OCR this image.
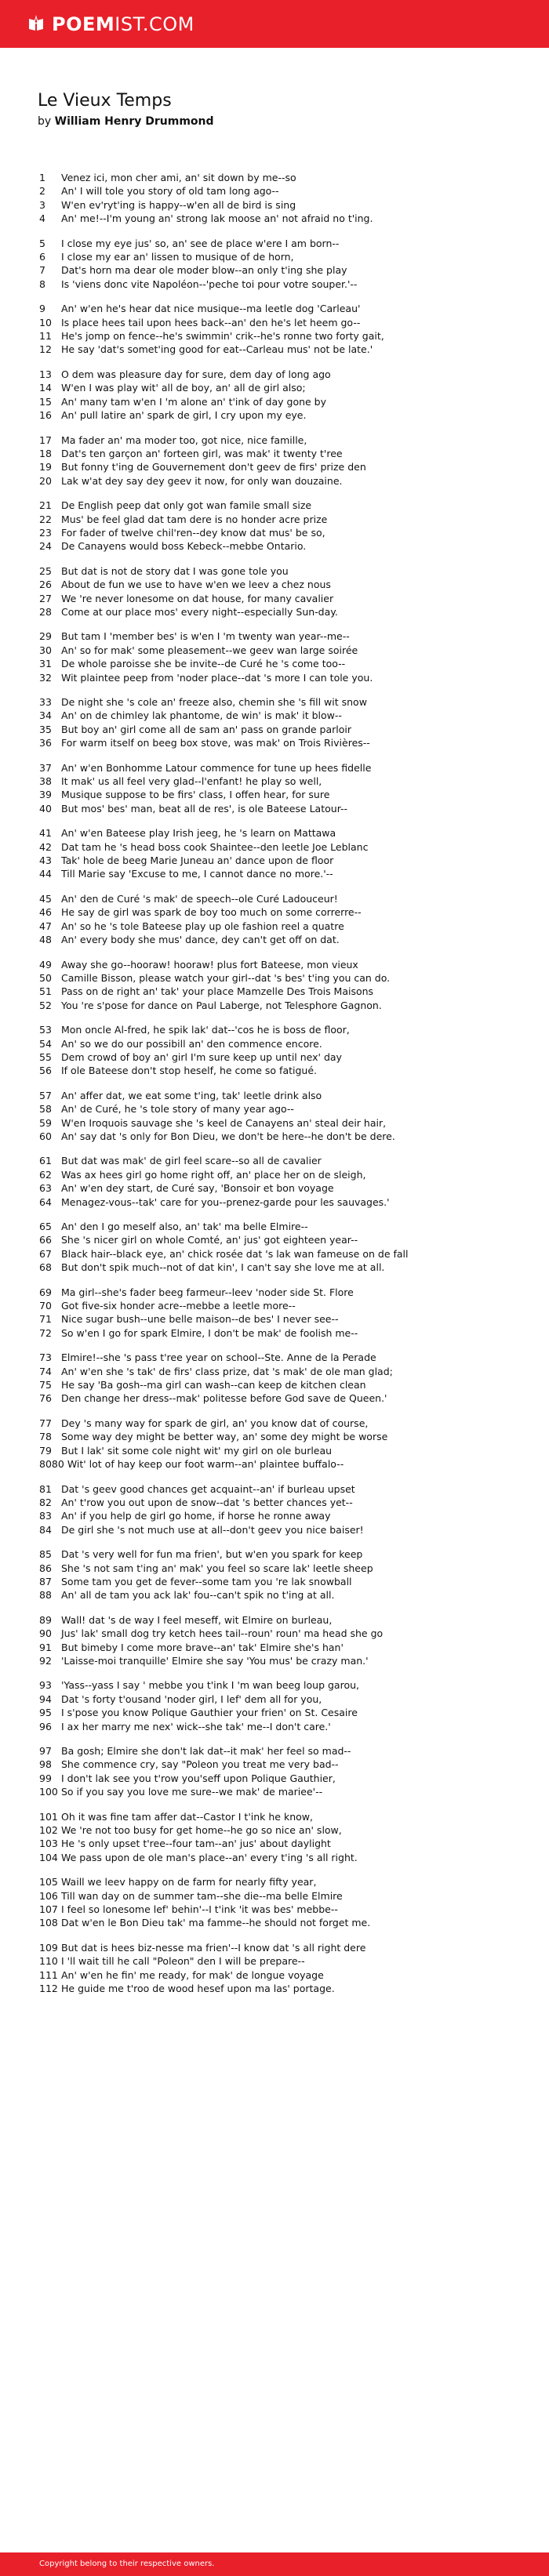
POEMIST.COM
Le Vieux Temps
by William Henry Drummond
1 Venez ici, mon cher ami, an' sit down by me--so
2 An' I will tole you story of old tam long ago--
3 W'en ev'ryt'ing is happy--w'en all de bird is sing
4 An' me!--I'm young an' strong lak moose an' not afraid no t'ing.
5 I close my eye jus' so, an' see de place w'ere I am born--
6 I close my ear an' lissen to musique of de horn,
7 Dat's horn ma dear ole moder blow--an only t'ing she play
8 Is 'viens donc vite Napoléon--'peche toi pour votre souper.'--
9 An' w'en he's hear dat nice musique--ma leetle dog 'Carleau'
10 Is place hees tail upon hees back--an' den he's let heem go--
11 He's jomp on fence--he's swimmin' crik--he's ronne two forty gait,
12 He say 'dat's somet'ing good for eat--Carleau mus' not be late.'
13 O dem was pleasure day for sure, dem day of long ago
14 W'en I was play wit' all de boy, an' all de girl also;
15 An' many tam w'en I 'm alone an' t'ink of day gone by
16 An' pull latire an' spark de girl, I cry upon my eye.
17 Ma fader an' ma moder too, got nice, nice famille,
18 Dat's ten garçon an' forteen girl, was mak' it twenty t'ree
19 But fonny t'ing de Gouvernement don't geev de firs' prize den
20 Lak w'at dey say dey geev it now, for only wan douzaine.
21 De English peep dat only got wan famile small size
22 Mus' be feel glad dat tam dere is no honder acre prize
23 For fader of twelve chil'ren--dey know dat mus' be so,
24 De Canayens would boss Kebeck--mebbe Ontario.
25 But dat is not de story dat I was gone tole you
26 About de fun we use to have w'en we leev a chez nous
27 We 're never lonesome on dat house, for many cavalier
28 Come at our place mos' every night--especially Sun-day.
29 But tam I 'member bes' is w'en I 'm twenty wan year--me--
30 An' so for mak' some pleasement--we geev wan large soirée
31 De whole paroisse she be invite--de Curé he 's come too--
32 Wit plaintee peep from 'noder place--dat 's more I can tole you.
33 De night she 's cole an' freeze also, chemin she 's fill wit snow
34 An' on de chimley lak phantome, de win' is mak' it blow--
35 But boy an' girl come all de sam an' pass on grande parloir
36 For warm itself on beeg box stove, was mak' on Trois Rivières--
37 An' w'en Bonhomme Latour commence for tune up hees fidelle
38 It mak' us all feel very glad--l'enfant! he play so well,
39 Musique suppose to be firs' class, I offen hear, for sure
40 But mos' bes' man, beat all de res', is ole Bateese Latour--
41 An' w'en Bateese play Irish jeeg, he 's learn on Mattawa
42 Dat tam he 's head boss cook Shaintee--den leetle Joe Leblanc
43 Tak' hole de beeg Marie Juneau an' dance upon de floor
44 Till Marie say 'Excuse to me, I cannot dance no more.'--
45 An' den de Curé 's mak' de speech--ole Curé Ladouceur!
46 He say de girl was spark de boy too much on some correrre--
47 An' so he 's tole Bateese play up ole fashion reel a quatre
48 An' every body she mus' dance, dey can't get off on dat.
49 Away she go--hooraw! hooraw! plus fort Bateese, mon vieux
50 Camille Bisson, please watch your girl--dat 's bes' t'ing you can do.
51 Pass on de right an' tak' your place Mamzelle Des Trois Maisons
52 You 're s'pose for dance on Paul Laberge, not Telesphore Gagnon.
53 Mon oncle Al-fred, he spik lak' dat--'cos he is boss de floor,
54 An' so we do our possibill an' den commence encore.
55 Dem crowd of boy an' girl I'm sure keep up until nex' day
56 If ole Bateese don't stop heself, he come so fatigué.
57 An' affer dat, we eat some t'ing, tak' leetle drink also
58 An' de Curé, he 's tole story of many year ago--
59 W'en Iroquois sauvage she 's keel de Canayens an' steal deir hair,
60 An' say dat 's only for Bon Dieu, we don't be here--he don't be dere.
61 But dat was mak' de girl feel scare--so all de cavalier
62 Was ax hees girl go home right off, an' place her on de sleigh,
63 An' w'en dey start, de Curé say, 'Bonsoir et bon voyage
64 Menagez-vous--tak' care for you--prenez-garde pour les sauvages.'
65 An' den I go meself also, an' tak' ma belle Elmire--
66 She 's nicer girl on whole Comté, an' jus' got eighteen year--
67 Black hair--black eye, an' chick rosée dat 's lak wan fameuse on de fall
68 But don't spik much--not of dat kin', I can't say she love me at all.
69 Ma girl--she's fader beeg farmeur--leev 'noder side St. Flore
70 Got five-six honder acre--mebbe a leetle more--
71 Nice sugar bush--une belle maison--de bes' I never see--
72 So w'en I go for spark Elmire, I don't be mak' de foolish me--
73 Elmire!--she 's pass t'ree year on school--Ste. Anne de la Perade
74 An' w'en she 's tak' de firs' class prize, dat 's mak' de ole man glad;
75 He say 'Ba gosh--ma girl can wash--can keep de kitchen clean
76 Den change her dress--mak' politesse before God save de Queen.'
77 Dey 's many way for spark de girl, an' you know dat of course,
78 Some way dey might be better way, an' some dey might be worse
79 But I lak' sit some cole night wit' my girl on ole burleau
8080 Wit' lot of hay keep our foot warm--an' plaintee buffalo--
81 Dat 's geev good chances get acquaint--an' if burleau upset
82 An' t'row you out upon de snow--dat 's better chances yet--
83 An' if you help de girl go home, if horse he ronne away
84 De girl she 's not much use at all--don't geev you nice baiser!
85 Dat 's very well for fun ma frien', but w'en you spark for keep
86 She 's not sam t'ing an' mak' you feel so scare lak' leetle sheep
87 Some tam you get de fever--some tam you 're lak snowball
88 An' all de tam you ack lak' fou--can't spik no t'ing at all.
89 Wall! dat 's de way I feel meseff, wit Elmire on burleau,
90 Jus' lak' small dog try ketch hees tail--roun' roun' ma head she go
91 But bimeby I come more brave--an' tak' Elmire she's han'
92 'Laisse-moi tranquille' Elmire she say 'You mus' be crazy man.'
93 'Yass--yass I say ' mebbe you t'ink I 'm wan beeg loup garou,
94 Dat 's forty t'ousand 'noder girl, I lef' dem all for you,
95 I s'pose you know Polique Gauthier your frien' on St. Cesaire
96 I ax her marry me nex' wick--she tak' me--I don't care.'
97 Ba gosh; Elmire she don't lak dat--it mak' her feel so mad--
98 She commence cry, say "Poleon you treat me very bad--
99 I don't lak see you t'row you'seff upon Polique Gauthier,
100 So if you say you love me sure--we mak' de mariee'--
101 Oh it was fine tam affer dat--Castor I t'ink he know,
102 We 're not too busy for get home--he go so nice an' slow,
103 He 's only upset t'ree--four tam--an' jus' about daylight
104 We pass upon de ole man's place--an' every t'ing 's all right.
105 Waill we leev happy on de farm for nearly fifty year,
106 Till wan day on de summer tam--she die--ma belle Elmire
107 I feel so lonesome lef' behin'--I t'ink 'it was bes' mebbe--
108 Dat w'en le Bon Dieu tak' ma famme--he should not forget me.
109 But dat is hees biz-nesse ma frien'--I know dat 's all right dere
110 I 'll wait till he call "Poleon" den I will be prepare--
111 An' w'en he fin' me ready, for mak' de longue voyage
112 He guide me t'roo de wood hesef upon ma las' portage.
Copyright belong to their respective owners.
